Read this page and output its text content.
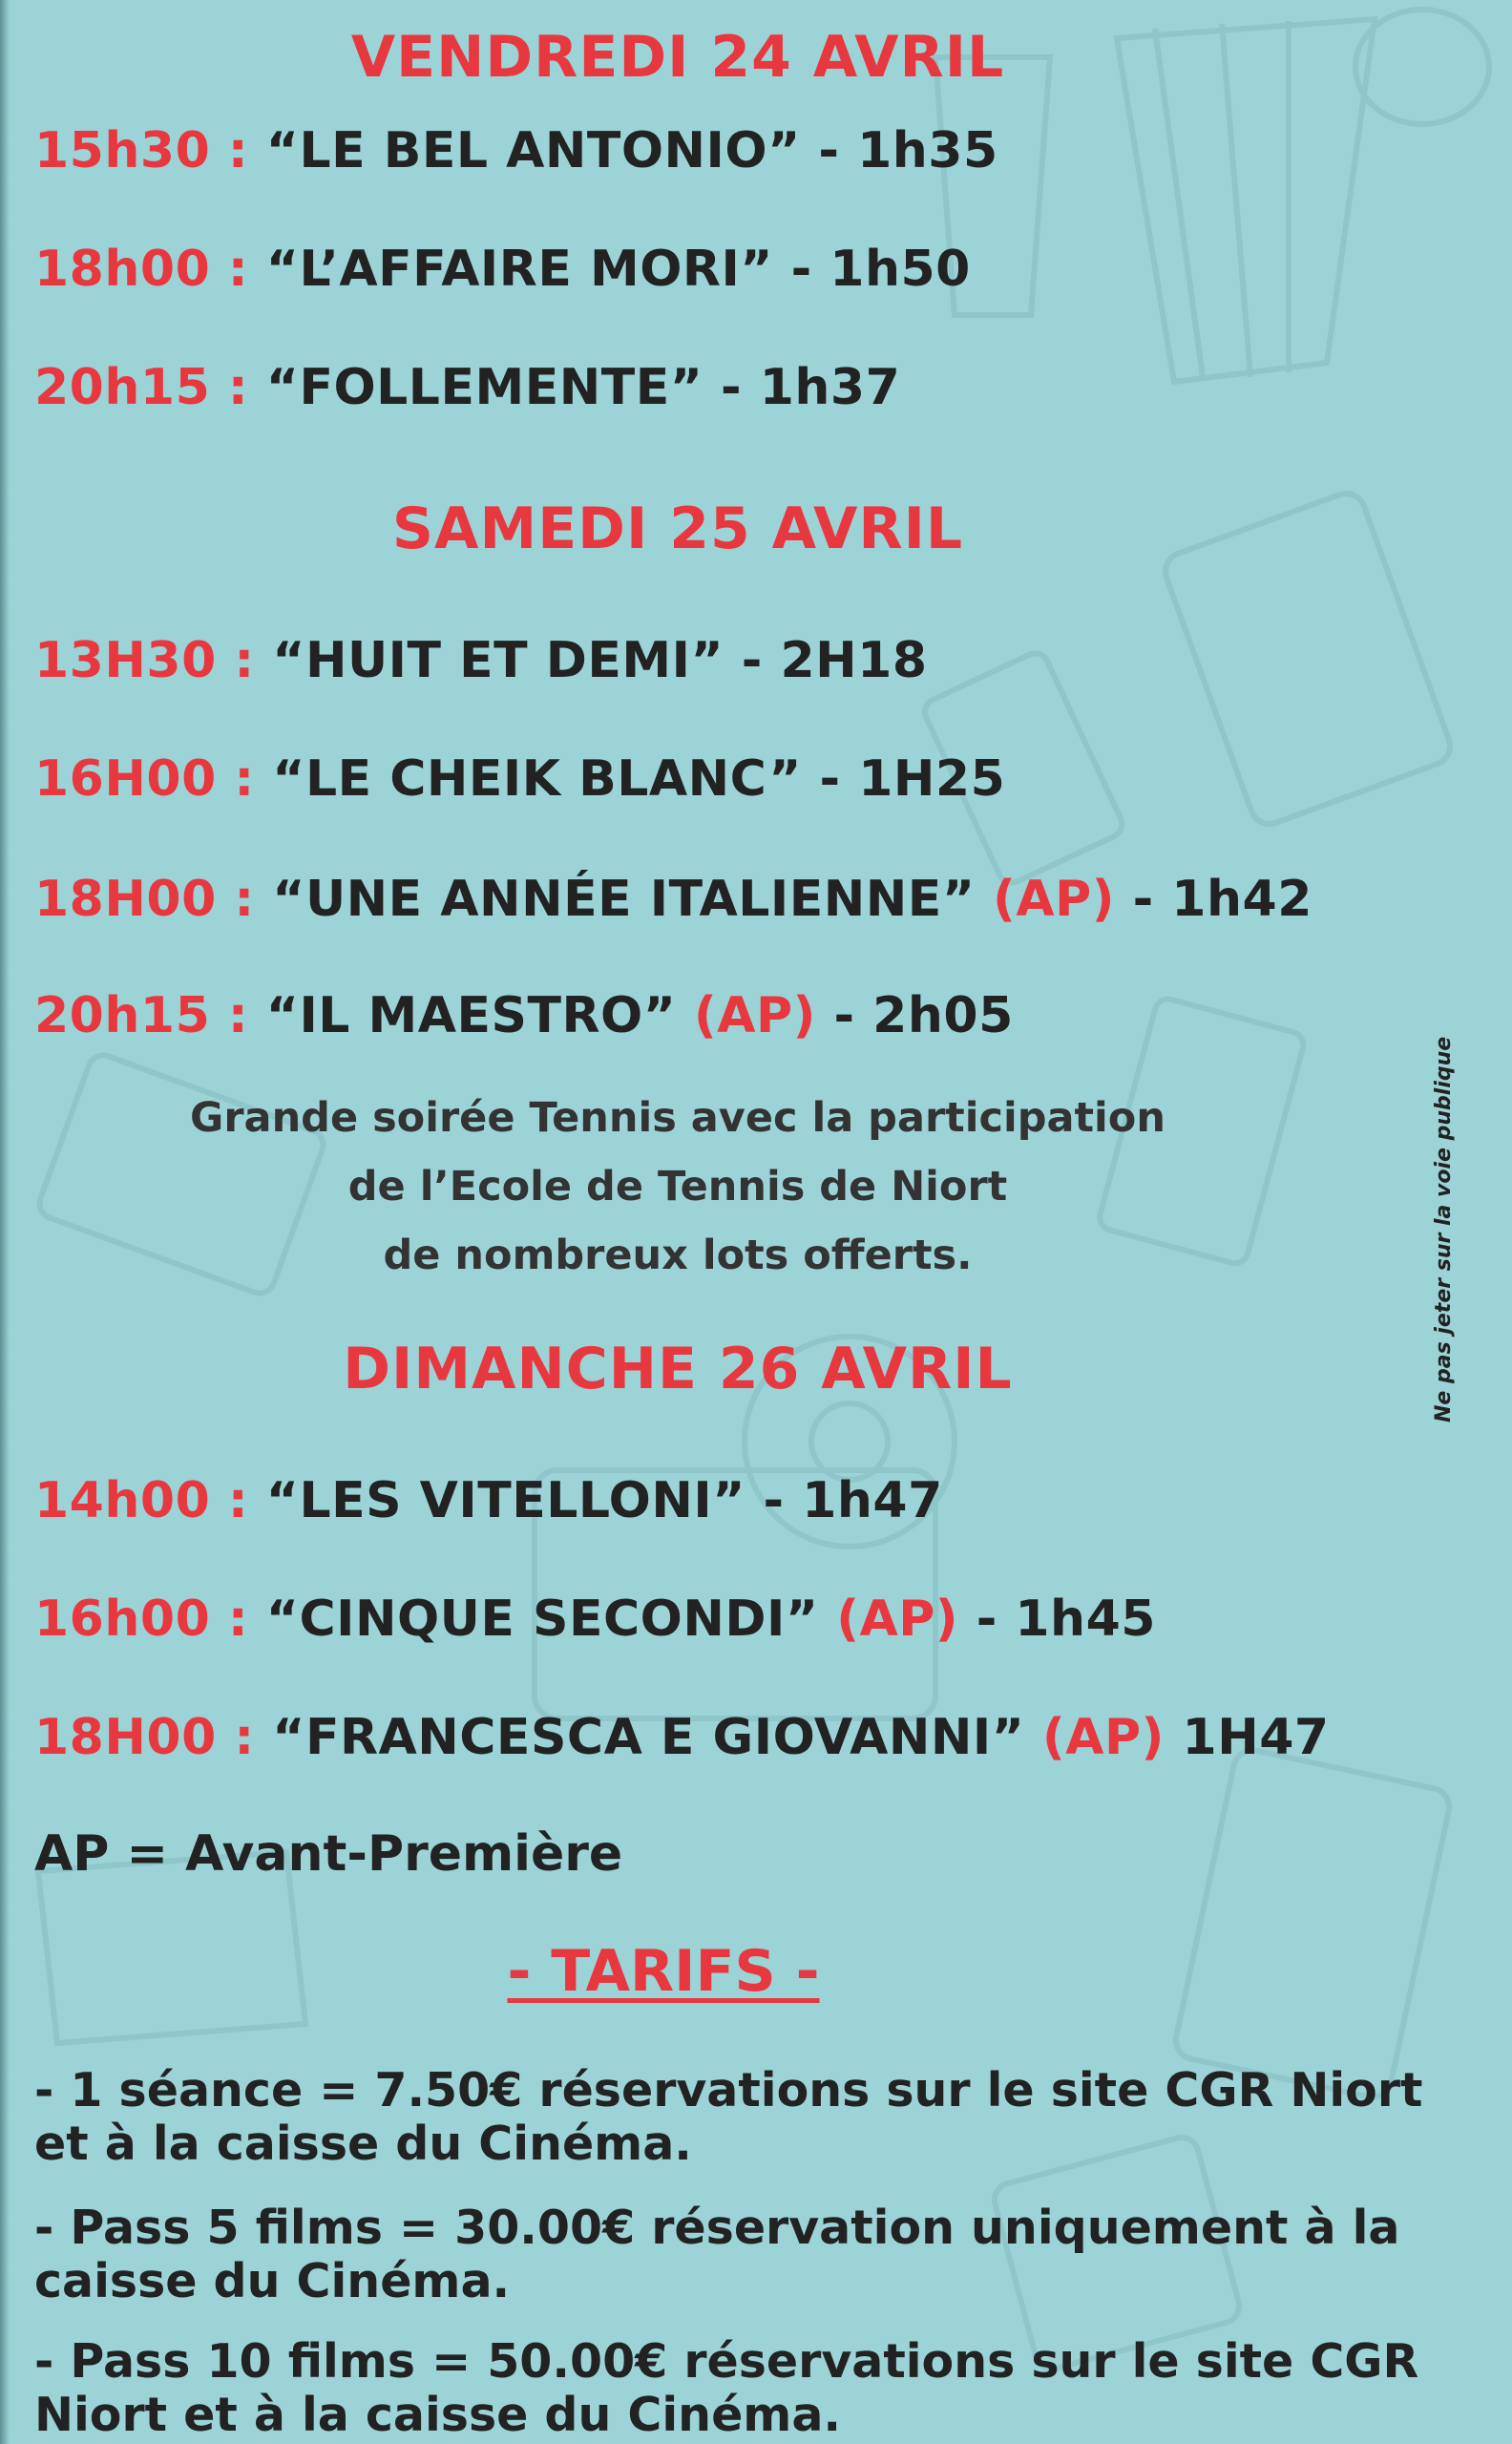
VENDREDI 24 AVRIL
15h30 : “LE BEL ANTONIO” - 1h35
18h00 : “L’AFFAIRE MORI” - 1h50
20h15 : “FOLLEMENTE” - 1h37
SAMEDI 25 AVRIL
13H30 : “HUIT ET DEMI” - 2H18
16H00 : “LE CHEIK BLANC” - 1H25
18H00 : “UNE ANNÉE ITALIENNE” (AP) - 1h42
20h15 : “IL MAESTRO” (AP) - 2h05
Grande soirée Tennis avec la participation
de l’Ecole de Tennis de Niort
de nombreux lots offerts.
DIMANCHE 26 AVRIL
14h00 : “LES VITELLONI” - 1h47
16h00 : “CINQUE SECONDI” (AP) - 1h45
18H00 : “FRANCESCA E GIOVANNI” (AP) 1H47
AP = Avant-Première
- TARIFS -
- 1 séance = 7.50€ réservations sur le site CGR Niort et à la caisse du Cinéma.
- Pass 5 films = 30.00€ réservation uniquement à la caisse du Cinéma.
- Pass 10 films = 50.00€ réservations sur le site CGR Niort et à la caisse du Cinéma.
Ne pas jeter sur la voie publique
